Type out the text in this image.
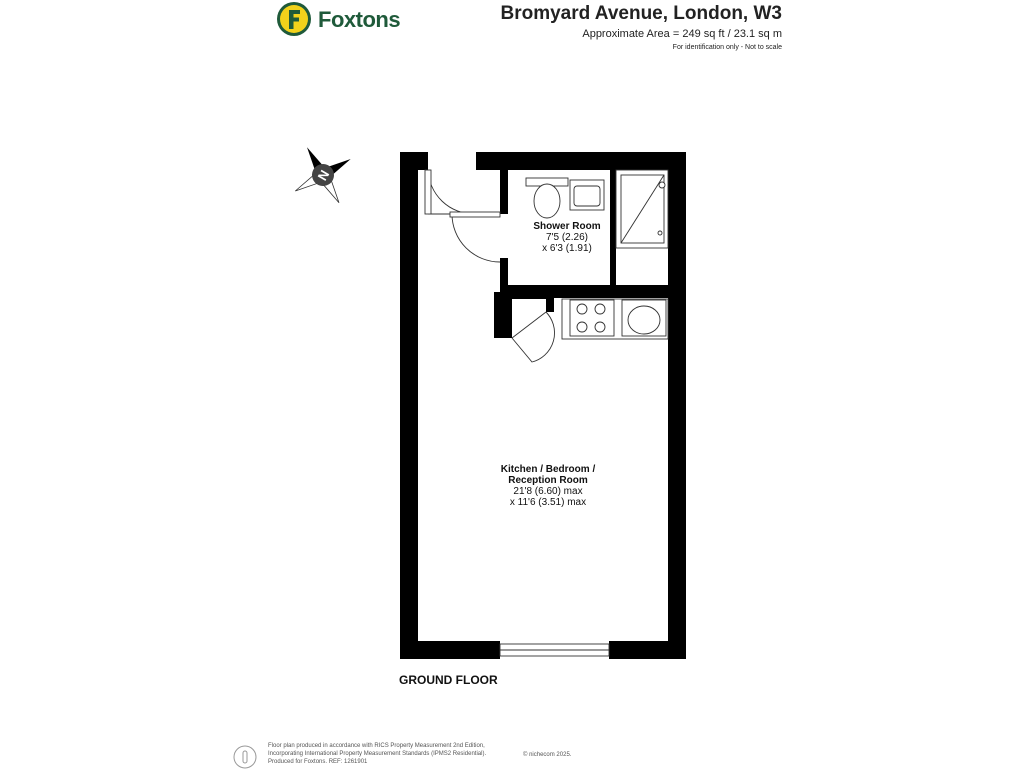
Foxtons	Bromyard Avenue, London, W3
Approximate Area = 249 sq ft / 23.1 sq m
For identification only - Not to scale
N
Shower Room
7'5 (2.26)
x 6'3 (1.91)
Kitchen / Bedroom /
Reception Room
21'8 (6.60) max
x 11'6 (3.51) max
GROUND FLOOR
Floor plan produced in accordance with RICS Property Measurement 2nd Edition,
Incorporating International Property Measurement Standards (IPMS2 Residential).
Produced for Foxtons. REF: 1261901
© nichecom 2025.
